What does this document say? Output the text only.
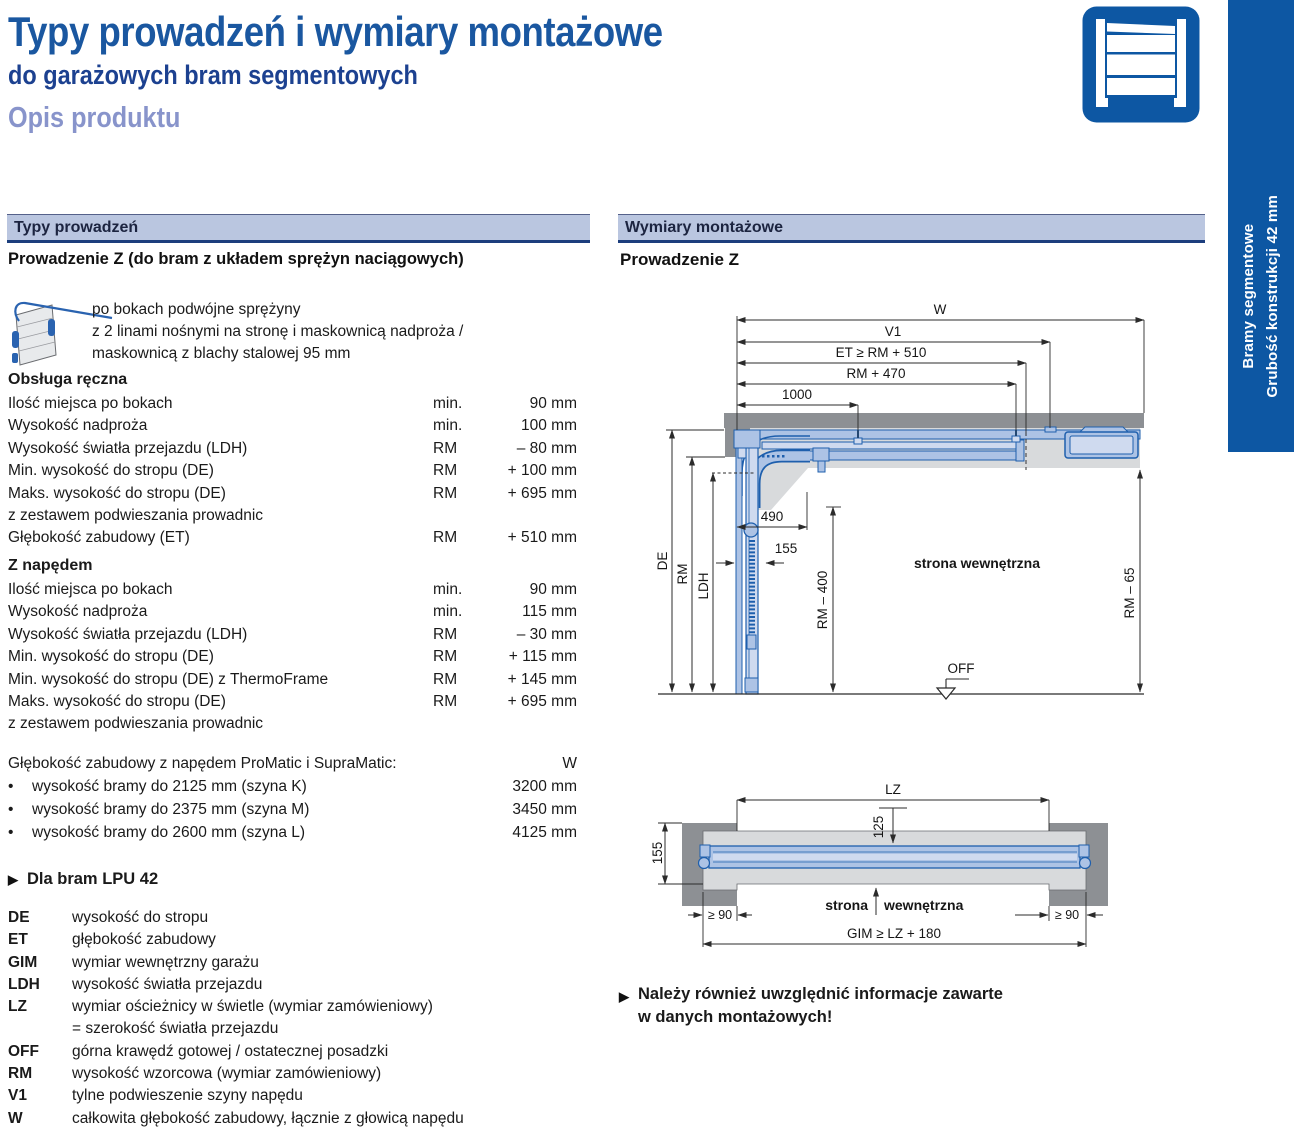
Typy prowadzeń i wymiary montażowe
do garażowych bram segmentowych
Opis produktu
Bramy segmentowe Grubość konstrukcji 42 mm
Typy prowadzeń	Wymiary montażowe
Prowadzenie Z (do bram z układem sprężyn naciągowych)	Prowadzenie Z
po bokach podwójne sprężyny
z 2 linami nośnymi na stronę i maskownicą nadproża /
maskownicą z blachy stalowej 95 mm
Obsługa ręczna
Ilość miejsca po bokach	min.	90 mm
Wysokość nadproża	min.	100 mm
Wysokość światła przejazdu (LDH)	RM	– 80 mm
Min. wysokość do stropu (DE)	RM	+ 100 mm
Maks. wysokość do stropu (DE)	RM	+ 695 mm
z zestawem podwieszania prowadnic
Głębokość zabudowy (ET)	RM	+ 510 mm
Z napędem
Ilość miejsca po bokach	min.	90 mm
Wysokość nadproża	min.	115 mm
Wysokość światła przejazdu (LDH)	RM	– 30 mm
Min. wysokość do stropu (DE)	RM	+ 115 mm
Min. wysokość do stropu (DE) z ThermoFrame	RM	+ 145 mm
Maks. wysokość do stropu (DE)	RM	+ 695 mm
z zestawem podwieszania prowadnic
Głębokość zabudowy z napędem ProMatic i SupraMatic:	W
•	wysokość bramy do 2125 mm (szyna K)	3200 mm
•	wysokość bramy do 2375 mm (szyna M)	3450 mm
•	wysokość bramy do 2600 mm (szyna L)	4125 mm
▶ Dla bram LPU 42
DE	wysokość do stropu
ET	głębokość zabudowy
GIM	wymiar wewnętrzny garażu
LDH	wysokość światła przejazdu
LZ	wymiar ościeżnicy w świetle (wymiar zamówieniowy)
= szerokość światła przejazdu
OFF	górna krawędź gotowej / ostatecznej posadzki
RM	wysokość wzorcowa (wymiar zamówieniowy)
V1	tylne podwieszenie szyny napędu
W	całkowita głębokość zabudowy, łącznie z głowicą napędu
W
V1
ET ≥ RM + 510
RM + 470
1000
490
155
DE
RM LDH	RM – 400	RM – 65
strona wewnętrzna
OFF
LZ
125
155
≥ 90	≥ 90
GIM ≥ LZ + 180
strona wewnętrzna
▶ Należy również uwzględnić informacje zawarte
w danych montażowych!
